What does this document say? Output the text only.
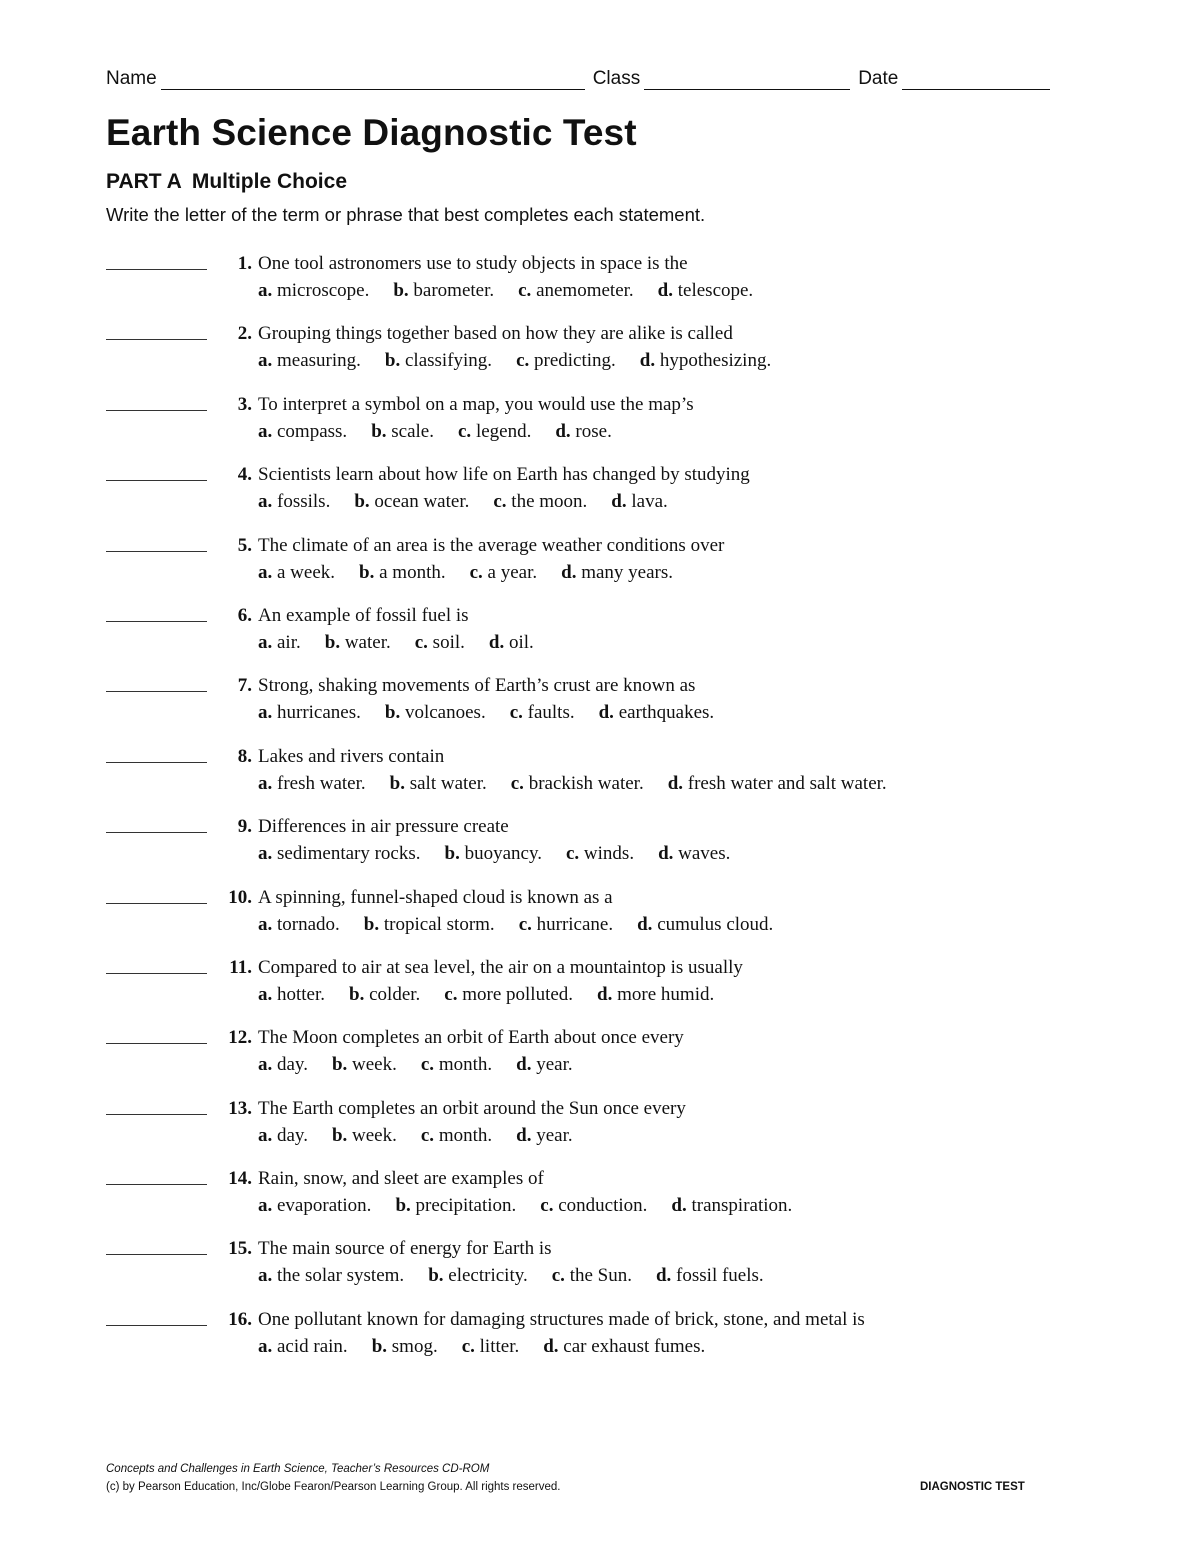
Name	Class	Date
Earth Science Diagnostic Test
PART A Multiple Choice

Write the letter of the term or phrase that best completes each statement.

1. One tool astronomers use to study objects in space is the
a. microscope. b. barometer. c. anemometer. d. telescope.
2. Grouping things together based on how they are alike is called
a. measuring. b. classifying. c. predicting. d. hypothesizing.
3. To interpret a symbol on a map, you would use the map’s
a. compass. b. scale. c. legend. d. rose.
4. Scientists learn about how life on Earth has changed by studying
a. fossils. b. ocean water. c. the moon. d. lava.
5. The climate of an area is the average weather conditions over
a. a week. b. a month. c. a year. d. many years.
6. An example of fossil fuel is
a. air. b. water. c. soil. d. oil.
7. Strong, shaking movements of Earth’s crust are known as
a. hurricanes. b. volcanoes. c. faults. d. earthquakes.
8. Lakes and rivers contain
a. fresh water. b. salt water. c. brackish water. d. fresh water and salt water.
9. Differences in air pressure create
a. sedimentary rocks. b. buoyancy. c. winds. d. waves.
10. A spinning, funnel-shaped cloud is known as a
a. tornado. b. tropical storm. c. hurricane. d. cumulus cloud.
11. Compared to air at sea level, the air on a mountaintop is usually
a. hotter. b. colder. c. more polluted. d. more humid.
12. The Moon completes an orbit of Earth about once every
a. day. b. week. c. month. d. year.
13. The Earth completes an orbit around the Sun once every
a. day. b. week. c. month. d. year.
14. Rain, snow, and sleet are examples of
a. evaporation. b. precipitation. c. conduction. d. transpiration.
15. The main source of energy for Earth is
a. the solar system. b. electricity. c. the Sun. d. fossil fuels.
16. One pollutant known for damaging structures made of brick, stone, and metal is
a. acid rain. b. smog. c. litter. d. car exhaust fumes.

Concepts and Challenges in Earth Science, Teacher’s Resources CD-ROM

(c) by Pearson Education, Inc/Globe Fearon/Pearson Learning Group. All rights reserved.	DIAGNOSTIC TEST
